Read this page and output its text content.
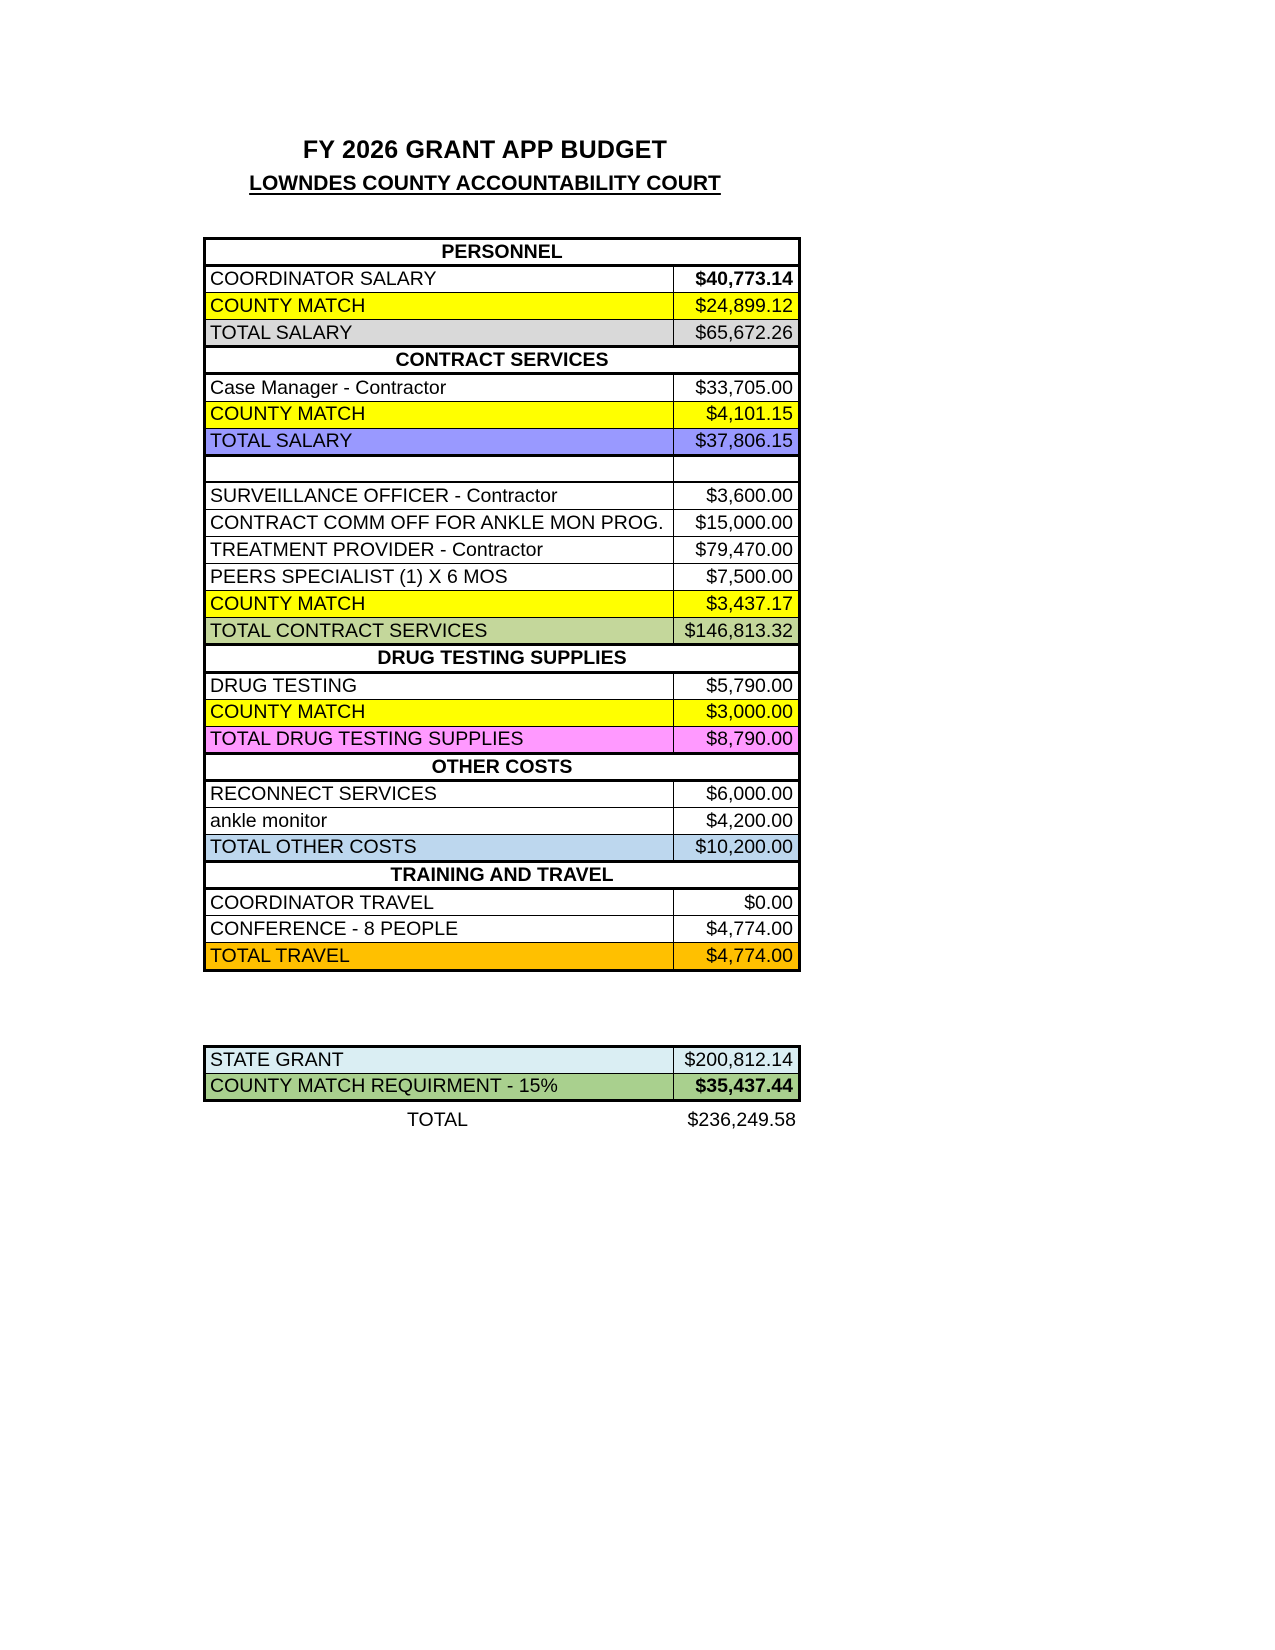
FY 2026 GRANT APP BUDGET
LOWNDES COUNTY ACCOUNTABILITY COURT
PERSONNEL	
COORDINATOR SALARY	$40,773.14
COUNTY MATCH	$24,899.12
TOTAL SALARY	$65,672.26
CONTRACT SERVICES	
Case Manager - Contractor	$33,705.00
COUNTY MATCH	$4,101.15
TOTAL SALARY	$37,806.15

SURVEILLANCE OFFICER - Contractor	$3,600.00
CONTRACT COMM OFF FOR ANKLE MON PROG.	$15,000.00
TREATMENT PROVIDER - Contractor	$79,470.00
PEERS SPECIALIST (1) X 6 MOS	$7,500.00
COUNTY MATCH	$3,437.17
TOTAL CONTRACT SERVICES	$146,813.32
DRUG TESTING SUPPLIES	
DRUG TESTING	$5,790.00
COUNTY MATCH	$3,000.00
TOTAL DRUG TESTING SUPPLIES	$8,790.00
OTHER COSTS	
RECONNECT SERVICES	$6,000.00
ankle monitor	$4,200.00
TOTAL OTHER COSTS	$10,200.00
TRAINING AND TRAVEL	
COORDINATOR TRAVEL	$0.00
CONFERENCE - 8 PEOPLE	$4,774.00
TOTAL TRAVEL	$4,774.00
STATE GRANT	$200,812.14
COUNTY MATCH REQUIRMENT - 15%	$35,437.44
TOTAL	$236,249.58
